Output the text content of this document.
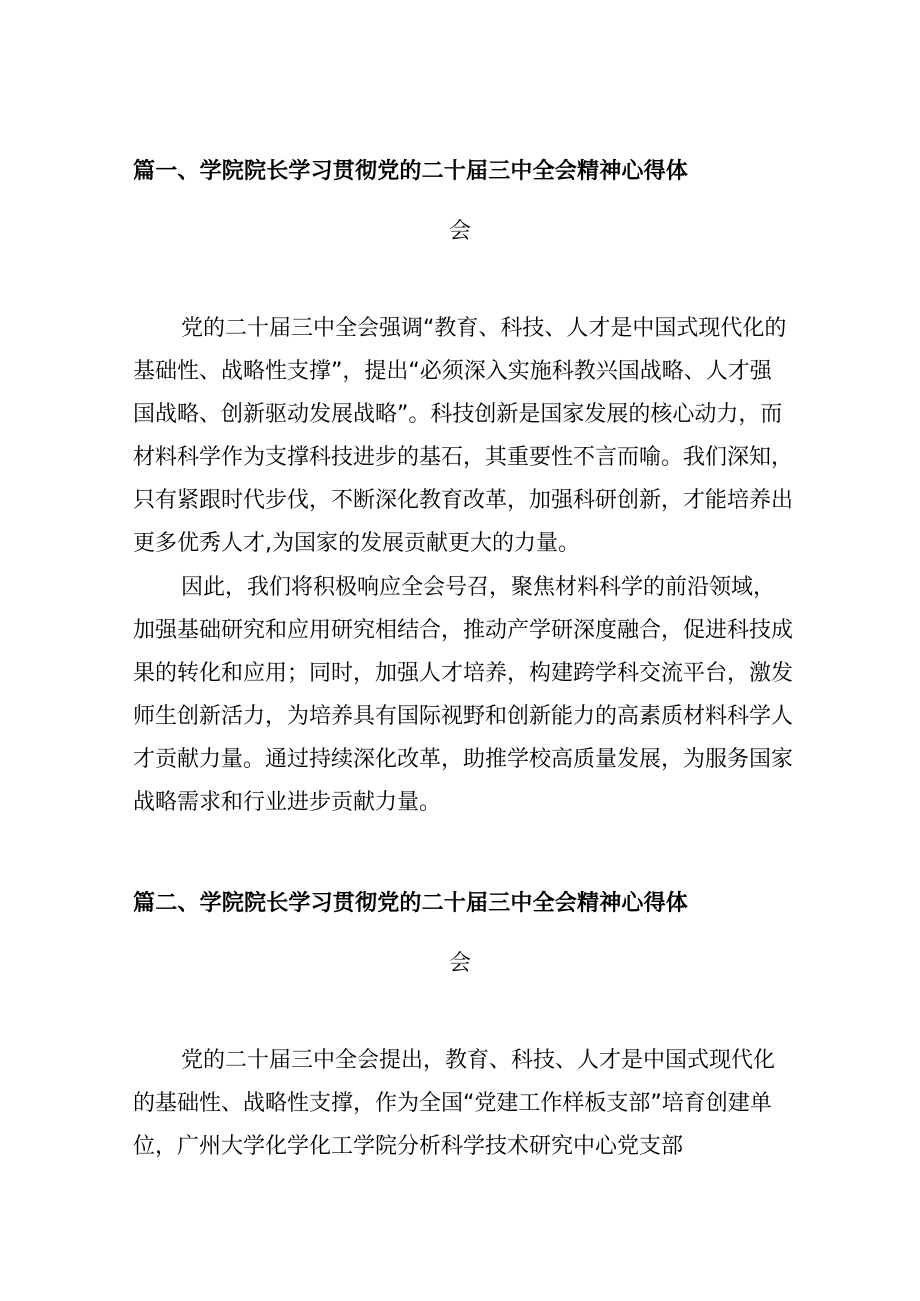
篇一、学院院长学习贯彻党的二十届三中全会精神心得体
会

党的二十届三中全会强调“教育、科技、人才是中国式现代化的基础性、战略性支撑”，提出“必须深入实施科教兴国战略、人才强国战略、创新驱动发展战略”。科技创新是国家发展的核心动力，而材料科学作为支撑科技进步的基石，其重要性不言而喻。我们深知，只有紧跟时代步伐，不断深化教育改革，加强科研创新，才能培养出更多优秀人才,为国家的发展贡献更大的力量。

因此，我们将积极响应全会号召，聚焦材料科学的前沿领域，加强基础研究和应用研究相结合，推动产学研深度融合，促进科技成果的转化和应用；同时，加强人才培养，构建跨学科交流平台，激发师生创新活力，为培养具有国际视野和创新能力的高素质材料科学人才贡献力量。通过持续深化改革，助推学校高质量发展，为服务国家战略需求和行业进步贡献力量。

篇二、学院院长学习贯彻党的二十届三中全会精神心得体
会

党的二十届三中全会提出，教育、科技、人才是中国式现代化的基础性、战略性支撑，作为全国“党建工作样板支部”培育创建单位，广州大学化学化工学院分析科学技术研究中心党支部
